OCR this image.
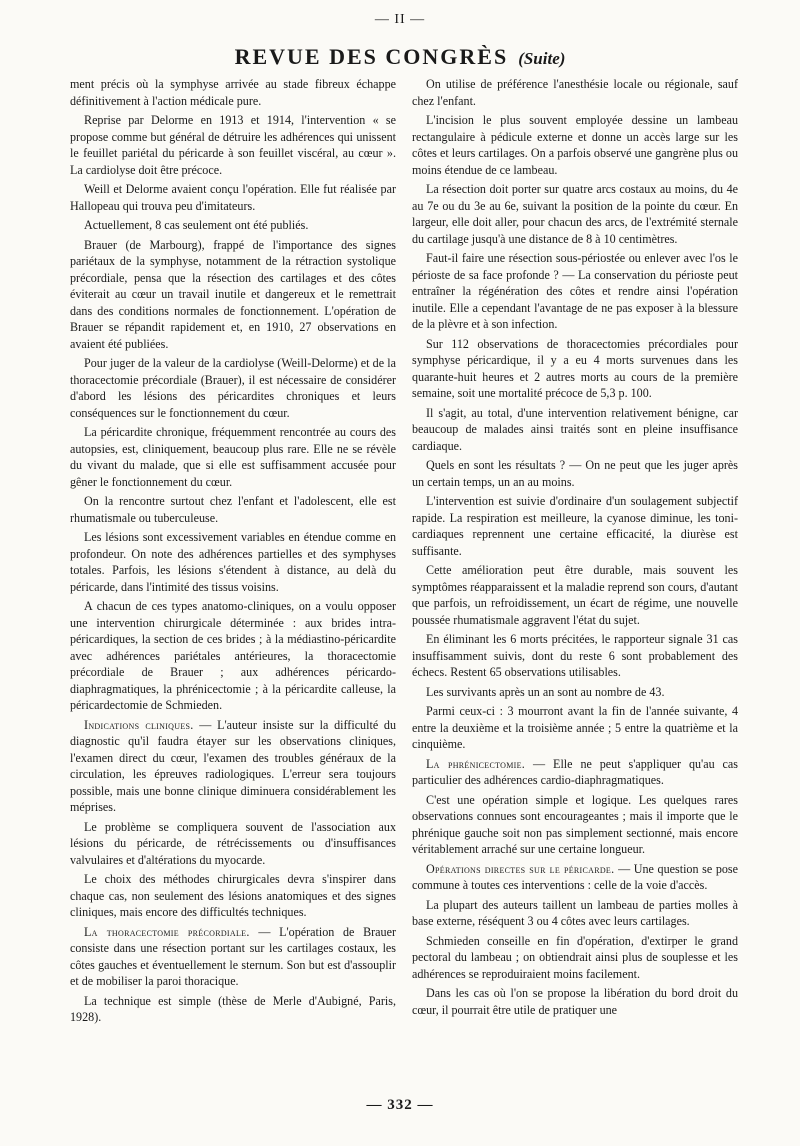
— II —
REVUE DES CONGRÈS (Suite)

ment précis où la symphyse arrivée au stade fibreux échappe définitivement à l'action médicale pure.

Reprise par Delorme en 1913 et 1914, l'intervention « se propose comme but général de détruire les adhérences qui unissent le feuillet pariétal du péricarde à son feuillet viscéral, au cœur ». La cardiolyse doit être précoce.

Weill et Delorme avaient conçu l'opération. Elle fut réalisée par Hallopeau qui trouva peu d'imitateurs.

Actuellement, 8 cas seulement ont été publiés.

Brauer (de Marbourg), frappé de l'importance des signes pariétaux de la symphyse, notamment de la rétraction systolique précordiale, pensa que la résection des cartilages et des côtes éviterait au cœur un travail inutile et dangereux et le remettrait dans des conditions normales de fonctionnement. L'opération de Brauer se répandit rapidement et, en 1910, 27 observations en avaient été publiées.

Pour juger de la valeur de la cardiolyse (Weill-Delorme) et de la thoracectomie précordiale (Brauer), il est nécessaire de considérer d'abord les lésions des péricardites chroniques et leurs conséquences sur le fonctionnement du cœur.

La péricardite chronique, fréquemment rencontrée au cours des autopsies, est, cliniquement, beaucoup plus rare. Elle ne se révèle du vivant du malade, que si elle est suffisamment accusée pour gêner le fonctionnement du cœur.

On la rencontre surtout chez l'enfant et l'adolescent, elle est rhumatismale ou tuberculeuse.

Les lésions sont excessivement variables en étendue comme en profondeur. On note des adhérences partielles et des symphyses totales. Parfois, les lésions s'étendent à distance, au delà du péricarde, dans l'intimité des tissus voisins.

A chacun de ces types anatomo-cliniques, on a voulu opposer une intervention chirurgicale déterminée : aux brides intra-péricardiques, la section de ces brides ; à la médiastino-péricardite avec adhérences pariétales antérieures, la thoracectomie précordiale de Brauer ; aux adhérences péricardo-diaphragmatiques, la phrénicectomie ; à la péricardite calleuse, la péricardectomie de Schmieden.

Indications cliniques. — L'auteur insiste sur la difficulté du diagnostic qu'il faudra étayer sur les observations cliniques, l'examen direct du cœur, l'examen des troubles généraux de la circulation, les épreuves radiologiques. L'erreur sera toujours possible, mais une bonne clinique diminuera considérablement les méprises.

Le problème se compliquera souvent de l'association aux lésions du péricarde, de rétrécissements ou d'insuffisances valvulaires et d'altérations du myocarde.

Le choix des méthodes chirurgicales devra s'inspirer dans chaque cas, non seulement des lésions anatomiques et des signes cliniques, mais encore des difficultés techniques.

La thoracectomie précordiale. — L'opération de Brauer consiste dans une résection portant sur les cartilages costaux, les côtes gauches et éventuellement le sternum. Son but est d'assouplir et de mobiliser la paroi thoracique.

La technique est simple (thèse de Merle d'Aubigné, Paris, 1928).

On utilise de préférence l'anesthésie locale ou régionale, sauf chez l'enfant.

L'incision le plus souvent employée dessine un lambeau rectangulaire à pédicule externe et donne un accès large sur les côtes et leurs cartilages. On a parfois observé une gangrène plus ou moins étendue de ce lambeau.

La résection doit porter sur quatre arcs costaux au moins, du 4e au 7e ou du 3e au 6e, suivant la position de la pointe du cœur. En largeur, elle doit aller, pour chacun des arcs, de l'extrémité sternale du cartilage jusqu'à une distance de 8 à 10 centimètres.

Faut-il faire une résection sous-périostée ou enlever avec l'os le périoste de sa face profonde ? — La conservation du périoste peut entraîner la régénération des côtes et rendre ainsi l'opération inutile. Elle a cependant l'avantage de ne pas exposer à la blessure de la plèvre et à son infection.

Sur 112 observations de thoracectomies précordiales pour symphyse péricardique, il y a eu 4 morts survenues dans les quarante-huit heures et 2 autres morts au cours de la première semaine, soit une mortalité précoce de 5,3 p. 100.

Il s'agit, au total, d'une intervention relativement bénigne, car beaucoup de malades ainsi traités sont en pleine insuffisance cardiaque.

Quels en sont les résultats ? — On ne peut que les juger après un certain temps, un an au moins.

L'intervention est suivie d'ordinaire d'un soulagement subjectif rapide. La respiration est meilleure, la cyanose diminue, les toni-cardiaques reprennent une certaine efficacité, la diurèse est suffisante.

Cette amélioration peut être durable, mais souvent les symptômes réapparaissent et la maladie reprend son cours, d'autant que parfois, un refroidissement, un écart de régime, une nouvelle poussée rhumatismale aggravent l'état du sujet.

En éliminant les 6 morts précitées, le rapporteur signale 31 cas insuffisamment suivis, dont du reste 6 sont probablement des échecs. Restent 65 observations utilisables.

Les survivants après un an sont au nombre de 43.

Parmi ceux-ci : 3 mourront avant la fin de l'année suivante, 4 entre la deuxième et la troisième année ; 5 entre la quatrième et la cinquième.

La phrénicectomie. — Elle ne peut s'appliquer qu'au cas particulier des adhérences cardio-diaphragmatiques.

C'est une opération simple et logique. Les quelques rares observations connues sont encourageantes ; mais il importe que le phrénique gauche soit non pas simplement sectionné, mais encore véritablement arraché sur une certaine longueur.

Opérations directes sur le péricarde. — Une question se pose commune à toutes ces interventions : celle de la voie d'accès.

La plupart des auteurs taillent un lambeau de parties molles à base externe, réséquent 3 ou 4 côtes avec leurs cartilages.

Schmieden conseille en fin d'opération, d'extirper le grand pectoral du lambeau ; on obtiendrait ainsi plus de souplesse et les adhérences se reproduiraient moins facilement.

Dans les cas où l'on se propose la libération du bord droit du cœur, il pourrait être utile de pratiquer une

— 332 —
